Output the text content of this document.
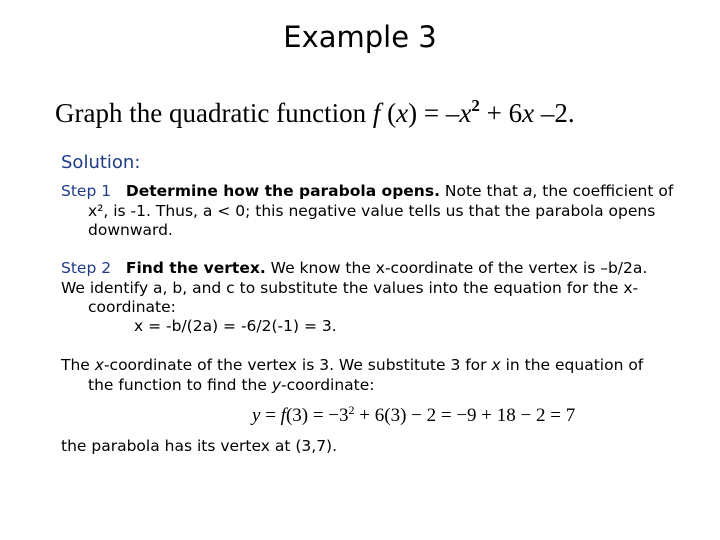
Example 3
Graph the quadratic function f $(x) = -x^2 + 6x$ –2.
Solution:
Step 1 Determine how the parabola opens. Note that a, the coefficient of
x², is -1. Thus, a < 0; this negative value tells us that the parabola opens
downward.
Step 2 Find the vertex. We know the x-coordinate of the vertex is –b/2a.
We identify a, b, and c to substitute the values into the equation for the x-
coordinate:
x = -b/(2a) = -6/2(-1) = 3.
The x-coordinate of the vertex is 3. We substitute 3 for x in the equation of
the function to find the y-coordinate:
$y = f(3) = -3^2 + 6(3) - 2 = -9 + 18 - 2 = 7$
the parabola has its vertex at (3,7).
